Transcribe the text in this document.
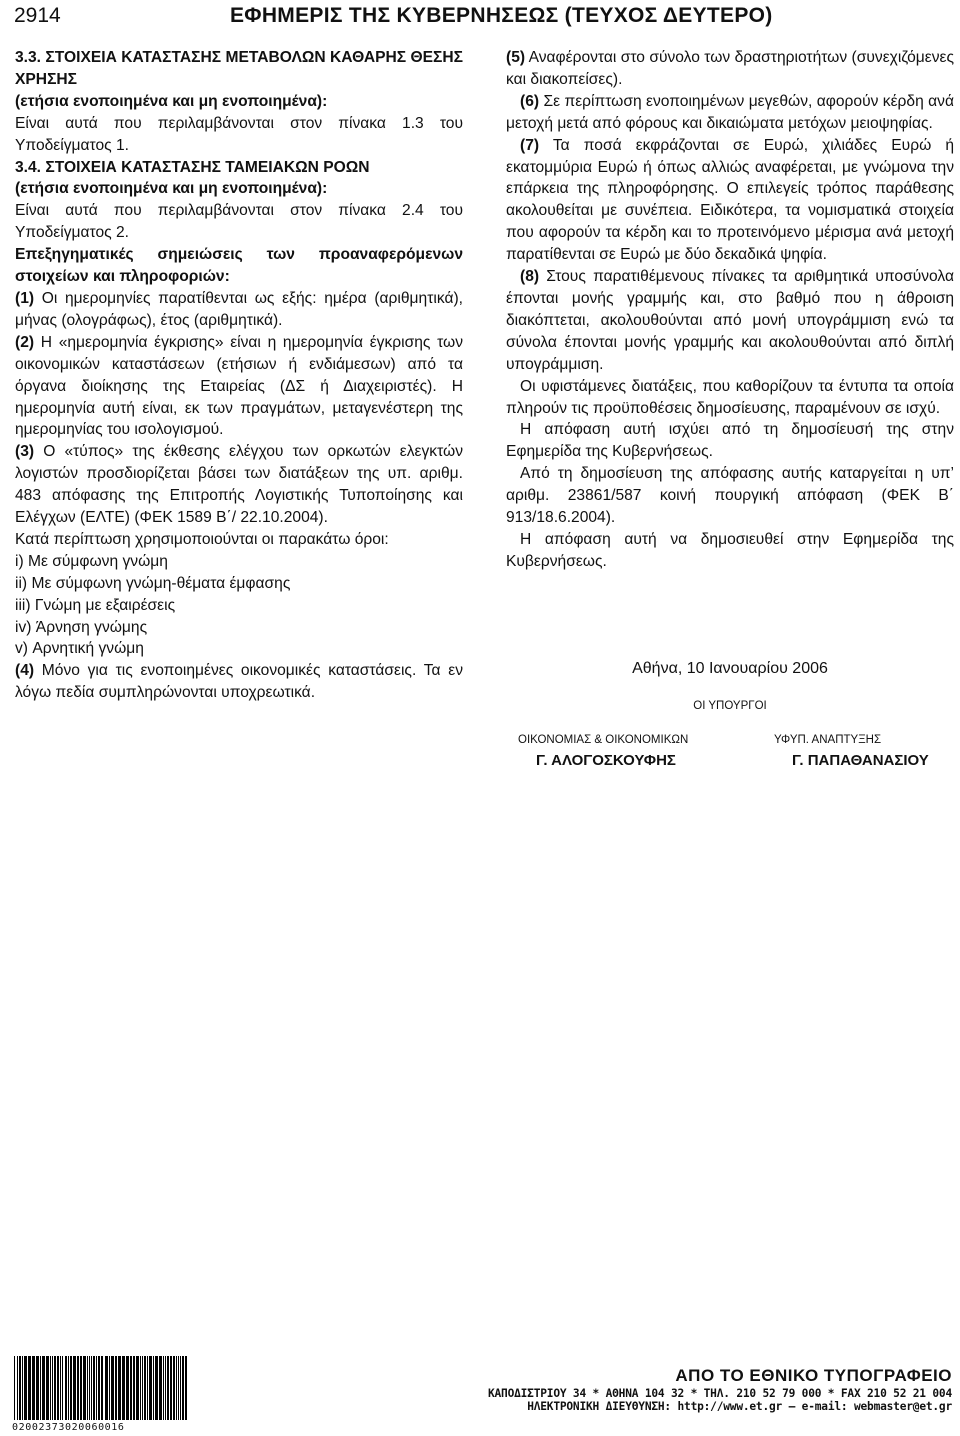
2914	ΕΦΗΜΕΡΙΣ ΤΗΣ ΚΥΒΕΡΝΗΣΕΩΣ (ΤΕΥΧΟΣ ΔΕΥΤΕΡΟ)

3.3. ΣΤΟΙΧΕΙΑ ΚΑΤΑΣΤΑΣΗΣ ΜΕΤΑΒΟΛΩΝ ΚΑΘΑΡΗΣ ΘΕΣΗΣ ΧΡΗΣΗΣ

(ετήσια ενοποιημένα και μη ενοποιημένα):

Είναι αυτά που περιλαμβάνονται στον πίνακα 1.3 του Υποδείγματος 1.

3.4. ΣΤΟΙΧΕΙΑ ΚΑΤΑΣΤΑΣΗΣ ΤΑΜΕΙΑΚΩΝ ΡΟΩΝ

(ετήσια ενοποιημένα και μη ενοποιημένα):

Είναι αυτά που περιλαμβάνονται στον πίνακα 2.4 του Υποδείγματος 2.

Επεξηγηματικές σημειώσεις των προαναφερόμενων στοιχείων και πληροφοριών:

(1) Οι ημερομηνίες παρατίθενται ως εξής: ημέρα (αριθμητικά), μήνας (ολογράφως), έτος (αριθμητικά).

(2) Η «ημερομηνία έγκρισης» είναι η ημερομηνία έγκρισης των οικονομικών καταστάσεων (ετήσιων ή ενδιάμεσων) από τα όργανα διοίκησης της Εταιρείας (ΔΣ ή Διαχειριστές). Η ημερομηνία αυτή είναι, εκ των πραγμάτων, μεταγενέστερη της ημερομηνίας του ισολογισμού.

(3) Ο «τύπος» της έκθεσης ελέγχου των ορκωτών ελεγκτών λογιστών προσδιορίζεται βάσει των διατάξεων της υπ. αριθμ. 483 απόφασης της Επιτροπής Λογιστικής Τυποποίησης και Ελέγχων (ΕΛΤΕ) (ΦΕΚ 1589 Β΄/ 22.10.2004).

Κατά περίπτωση χρησιμοποιούνται οι παρακάτω όροι:

i) Με σύμφωνη γνώμη

ii) Με σύμφωνη γνώμη-θέματα έμφασης

iii) Γνώμη με εξαιρέσεις

iv) Άρνηση γνώμης

v) Αρνητική γνώμη

(4) Μόνο για τις ενοποιημένες οικονομικές καταστάσεις. Τα εν λόγω πεδία συμπληρώνονται υποχρεωτικά.

(5) Αναφέρονται στο σύνολο των δραστηριοτήτων (συνεχιζόμενες και διακοπείσες).

(6) Σε περίπτωση ενοποιημένων μεγεθών, αφορούν κέρδη ανά μετοχή μετά από φόρους και δικαιώματα μετόχων μειοψηφίας.

(7) Τα ποσά εκφράζονται σε Ευρώ, χιλιάδες Ευρώ ή εκατομμύρια Ευρώ ή όπως αλλιώς αναφέρεται, με γνώμονα την επάρκεια της πληροφόρησης. Ο επιλεγείς τρόπος παράθεσης ακολουθείται με συνέπεια. Ειδικότερα, τα νομισματικά στοιχεία που αφορούν τα κέρδη και το προτεινόμενο μέρισμα ανά μετοχή παρατίθενται σε Ευρώ με δύο δεκαδικά ψηφία.

(8) Στους παρατιθέμενους πίνακες τα αριθμητικά υποσύνολα έπονται μονής γραμμής και, στο βαθμό που η άθροιση διακόπτεται, ακολουθούνται από μονή υπογράμμιση ενώ τα σύνολα έπονται μονής γραμμής και ακολουθούνται από διπλή υπογράμμιση.

Οι υφιστάμενες διατάξεις, που καθορίζουν τα έντυπα τα οποία πληρούν τις προϋποθέσεις δημοσίευσης, παραμένουν σε ισχύ.

Η απόφαση αυτή ισχύει από τη δημοσίευσή της στην Εφημερίδα της Κυβερνήσεως.

Από τη δημοσίευση της απόφασης αυτής καταργείται η υπ’ αριθμ. 23861/587 κοινή πουργική απόφαση (ΦΕΚ Β΄ 913/18.6.2004).

Η απόφαση αυτή να δημοσιευθεί στην Εφημερίδα της Κυβερνήσεως.

Αθήνα, 10 Ιανουαρίου 2006
ΟΙ ΥΠΟΥΡΓΟΙ
ΟΙΚΟΝΟΜΙΑΣ & ΟΙΚΟΝΟΜΙΚΩΝ	ΥΦΥΠ. ΑΝΑΠΤΥΞΗΣ
Γ. ΑΛΟΓΟΣΚΟΥΦΗΣ	Γ. ΠΑΠΑΘΑΝΑΣΙΟΥ
02002373020060016
ΑΠΟ ΤΟ ΕΘΝΙΚΟ ΤΥΠΟΓΡΑΦΕΙΟ
ΚΑΠΟΔΙΣΤΡΙΟΥ 34 * ΑΘΗΝΑ 104 32 * ΤΗΛ. 210 52 79 000 * FAX 210 52 21 004
ΗΛΕΚΤΡΟΝΙΚΗ ΔΙΕΥΘΥΝΣΗ: http://www.et.gr — e-mail: webmaster@et.gr
